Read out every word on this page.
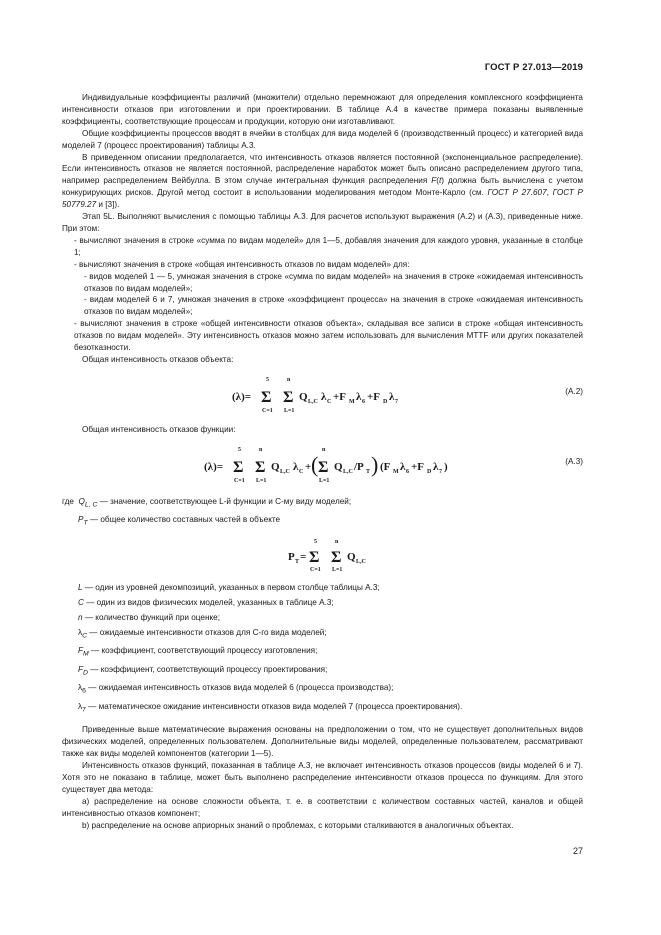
ГОСТ Р 27.013—2019
Индивидуальные коэффициенты различий (множители) отдельно перемножают для определения комплексного коэффициента интенсивности отказов при изготовлении и при проектировании. В таблице А.4 в качестве примера показаны выявленные коэффициенты, соответствующие процессам и продукции, которую они изготавливают.
Общие коэффициенты процессов вводят в ячейки в столбцах для вида моделей 6 (производственный процесс) и категорией вида моделей 7 (процесс проектирования) таблицы А.3.
В приведенном описании предполагается, что интенсивность отказов является постоянной (экспоненциальное распределение). Если интенсивность отказов не является постоянной, распределение наработок может быть описано распределением другого типа, например распределением Вейбулла. В этом случае интегральная функция распределения F(t) должна быть вычислена с учетом конкурирующих рисков. Другой метод состоит в использовании моделирования методом Монте-Карло (см. ГОСТ Р 27.607, ГОСТ Р 50779.27 и [3]).
Этап 5L. Выполняют вычисления с помощью таблицы А.3. Для расчетов используют выражения (А.2) и (А.3), приведенные ниже. При этом:
- вычисляют значения в строке «сумма по видам моделей» для 1—5, добавляя значения для каждого уровня, указанные в столбце 1;
- вычисляют значения в строке «общая интенсивность отказов по видам моделей» для:
- видов моделей 1 — 5, умножая значения в строке «сумма по видам моделей» на значения в строке «ожидаемая интенсивность отказов по видам моделей»;
- видам моделей 6 и 7, умножая значения в строке «коэффициент процесса» на значения в строке «ожидаемая интенсивность отказов по видам моделей»;
- вычисляют значения в строке «общей интенсивности отказов объекта», складывая все записи в строке «общая интенсивность отказов по видам моделей». Эту интенсивность отказов можно затем использовать для вычисления MTTF или других показателей безотказности.
Общая интенсивность отказов объекта:
(λ)=
5
Σ
C=1
n
Σ
L=1
Q L,C λ C +F M λ 6 +F D λ 7
(А.2)
Общая интенсивность отказов функции:
(λ)=
5
Σ
C=1
n
Σ
L=1
Q L,C λ C + (
n
Σ
L=1
Q L,C /P T ) (F M λ 6 +F D λ 7 )	(А.3)
где $Q_{L, C}$ — значение, соответствующее L-й функции и C-му виду моделей;
$P_T$ — общее количество составных частей в объекте
P T =
5
Σ
C=1
n
Σ
L=1
Q L,C
L — один из уровней декомпозиций, указанных в первом столбце таблицы А.3;
C — один из видов физических моделей, указанных в таблице А.3;
n — количество функций при оценке;
$\lambda_C$ — ожидаемые интенсивности отказов для C-го вида моделей;
$F_M$ — коэффициент, соответствующий процессу изготовления;
$F_D$ — коэффициент, соответствующий процессу проектирования;
$\lambda_6$ — ожидаемая интенсивность отказов вида моделей 6 (процесса производства);
$\lambda_7$ — математическое ожидание интенсивности отказов вида моделей 7 (процесса проектирования).
Приведенные выше математические выражения основаны на предположении о том, что не существует дополнительных видов физических моделей, определенных пользователем. Дополнительные виды моделей, определенные пользователем, рассматривают также как виды моделей компонентов (категории 1—5).
Интенсивность отказов функций, показанная в таблице А.3, не включает интенсивность отказов процессов (виды моделей 6 и 7). Хотя это не показано в таблице, может быть выполнено распределение интенсивности отказов процесса по функциям. Для этого существует два метода:
а) распределение на основе сложности объекта, т. е. в соответствии с количеством составных частей, каналов и общей интенсивностью отказов компонент;
b) распределение на основе априорных знаний о проблемах, с которыми сталкиваются в аналогичных объектах.
27
